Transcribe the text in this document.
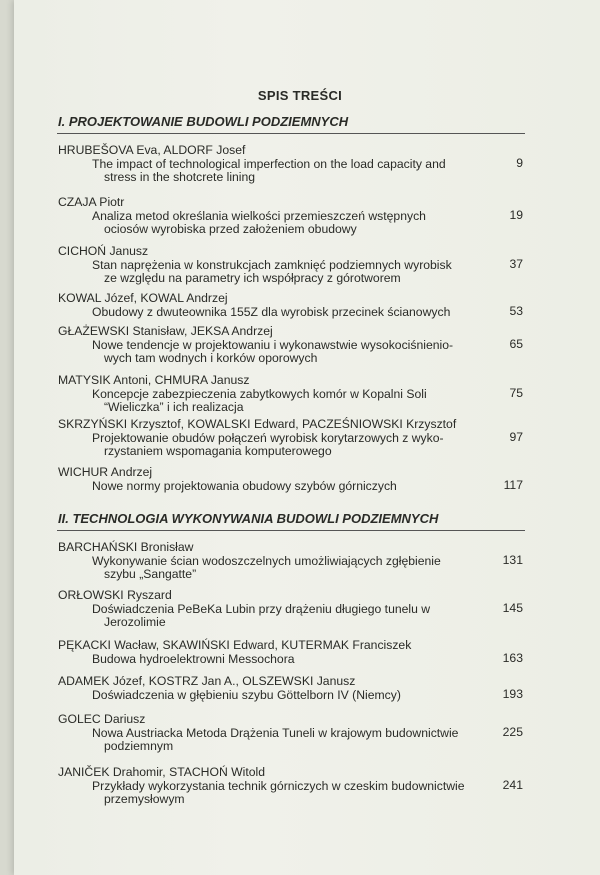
SPIS TREŚCI
I. PROJEKTOWANIE BUDOWLI PODZIEMNYCH
HRUBEŠOVA Eva, ALDORF Josef
The impact of technological imperfection on the load capacity and
stress in the shotcrete lining
9
CZAJA Piotr
Analiza metod określania wielkości przemieszczeń wstępnych
ociosów wyrobiska przed założeniem obudowy
19
CICHOŃ Janusz
Stan naprężenia w konstrukcjach zamknięć podziemnych wyrobisk
ze względu na parametry ich współpracy z górotworem
37
KOWAL Józef, KOWAL Andrzej
Obudowy z dwuteownika 155Z dla wyrobisk przecinek ścianowych	53
GŁAŻEWSKI Stanisław, JEKSA Andrzej
Nowe tendencje w projektowaniu i wykonawstwie wysokociśnienio-
wych tam wodnych i korków oporowych
65
MATYSIK Antoni, CHMURA Janusz
Koncepcje zabezpieczenia zabytkowych komór w Kopalni Soli
“Wieliczka” i ich realizacja
75
SKRZYŃSKI Krzysztof, KOWALSKI Edward, PACZEŚNIOWSKI Krzysztof
Projektowanie obudów połączeń wyrobisk korytarzowych z wyko-
rzystaniem wspomagania komputerowego
97
WICHUR Andrzej
Nowe normy projektowania obudowy szybów górniczych	117
II. TECHNOLOGIA WYKONYWANIA BUDOWLI PODZIEMNYCH
BARCHAŃSKI Bronisław
Wykonywanie ścian wodoszczelnych umożliwiających zgłębienie
szybu „Sangatte”
131
ORŁOWSKI Ryszard
Doświadczenia PeBeKa Lubin przy drążeniu długiego tunelu w
Jerozolimie
145
PĘKACKI Wacław, SKAWIŃSKI Edward, KUTERMAK Franciszek
Budowa hydroelektrowni Messochora	163
ADAMEK Józef, KOSTRZ Jan A., OLSZEWSKI Janusz
Doświadczenia w głębieniu szybu Göttelborn IV (Niemcy)	193
GOLEC Dariusz
Nowa Austriacka Metoda Drążenia Tuneli w krajowym budownictwie
podziemnym
225
JANIČEK Drahomir, STACHOŃ Witold
Przykłady wykorzystania technik górniczych w czeskim budownictwie
przemysłowym
241
